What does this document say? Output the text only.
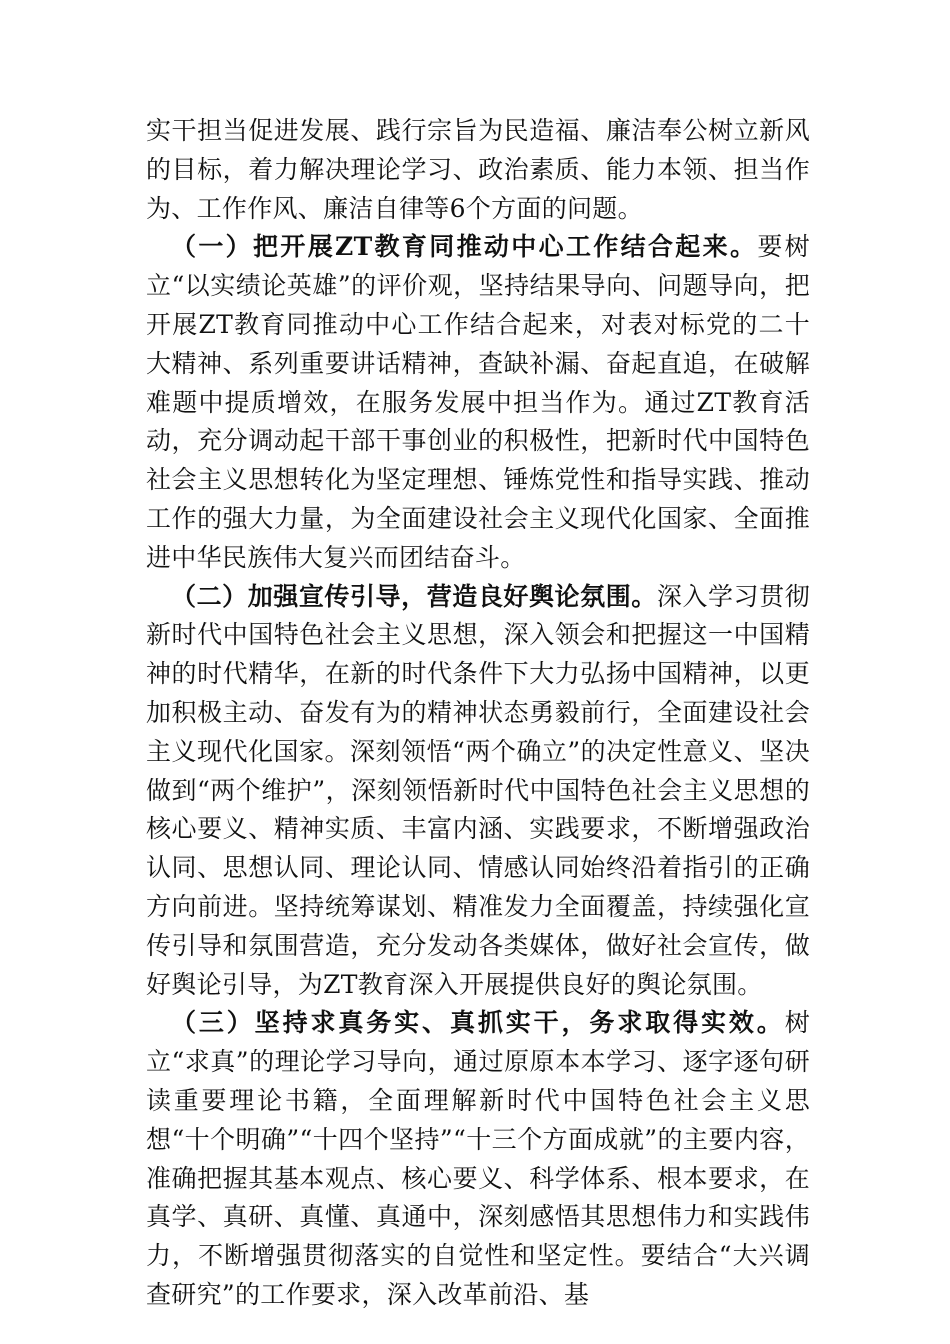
实干担当促进发展、践行宗旨为民造福、廉洁奉公树立新风的目标，着力解决理论学习、政治素质、能力本领、担当作为、工作作风、廉洁自律等6个方面的问题。

（一）把开展ZT教育同推动中心工作结合起来。要树立“以实绩论英雄”的评价观，坚持结果导向、问题导向，把开展ZT教育同推动中心工作结合起来，对表对标党的二十大精神、系列重要讲话精神，查缺补漏、奋起直追，在破解难题中提质增效，在服务发展中担当作为。通过ZT教育活动，充分调动起干部干事创业的积极性，把新时代中国特色社会主义思想转化为坚定理想、锤炼党性和指导实践、推动工作的强大力量，为全面建设社会主义现代化国家、全面推进中华民族伟大复兴而团结奋斗。

（二）加强宣传引导，营造良好舆论氛围。深入学习贯彻新时代中国特色社会主义思想，深入领会和把握这一中国精神的时代精华，在新的时代条件下大力弘扬中国精神，以更加积极主动、奋发有为的精神状态勇毅前行，全面建设社会主义现代化国家。深刻领悟“两个确立”的决定性意义、坚决做到“两个维护”，深刻领悟新时代中国特色社会主义思想的核心要义、精神实质、丰富内涵、实践要求，不断增强政治认同、思想认同、理论认同、情感认同始终沿着指引的正确方向前进。坚持统筹谋划、精准发力全面覆盖，持续强化宣传引导和氛围营造，充分发动各类媒体，做好社会宣传，做好舆论引导，为ZT教育深入开展提供良好的舆论氛围。

（三）坚持求真务实、真抓实干，务求取得实效。树立“求真”的理论学习导向，通过原原本本学习、逐字逐句研读重要理论书籍，全面理解新时代中国特色社会主义思想“十个明确”“十四个坚持”“十三个方面成就”的主要内容，准确把握其基本观点、核心要义、科学体系、根本要求，在真学、真研、真懂、真通中，深刻感悟其思想伟力和实践伟力，不断增强贯彻落实的自觉性和坚定性。要结合“大兴调查研究”的工作要求，深入改革前沿、基
